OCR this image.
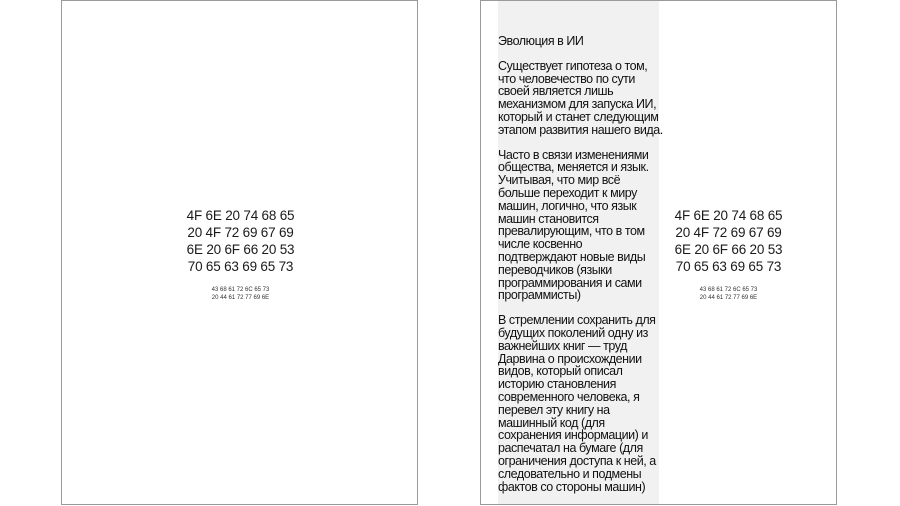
4F 6E 20 74 68 65
20 4F 72 69 67 69
6E 20 6F 66 20 53
70 65 63 69 65 73
43 68 61 72 6C 65 73
20 44 61 72 77 69 6E
4F 6E 20 74 68 65
20 4F 72 69 67 69
6E 20 6F 66 20 53
70 65 63 69 65 73
43 68 61 72 6C 65 73
20 44 61 72 77 69 6E
Эволюция в ИИ
Существует гипотеза о том,
что человечество по сути
своей является лишь
механизмом для запуска ИИ,
который и станет следующим
этапом развития нашего вида.
Часто в связи изменениями
общества, меняется и язык.
Учитывая, что мир всё
больше переходит к миру
машин, логично, что язык
машин становится
превалирующим, что в том
числе косвенно
подтверждают новые виды
переводчиков (языки
программирования и сами
программисты)
В стремлении сохранить для
будущих поколений одну из
важнейших книг — труд
Дарвина о происхождении
видов, который описал
историю становления
современного человека, я
перевел эту книгу на
машинный код (для
сохранения информации) и
распечатал на бумаге (для
ограничения доступа к ней, а
следовательно и подмены
фактов со стороны машин)
